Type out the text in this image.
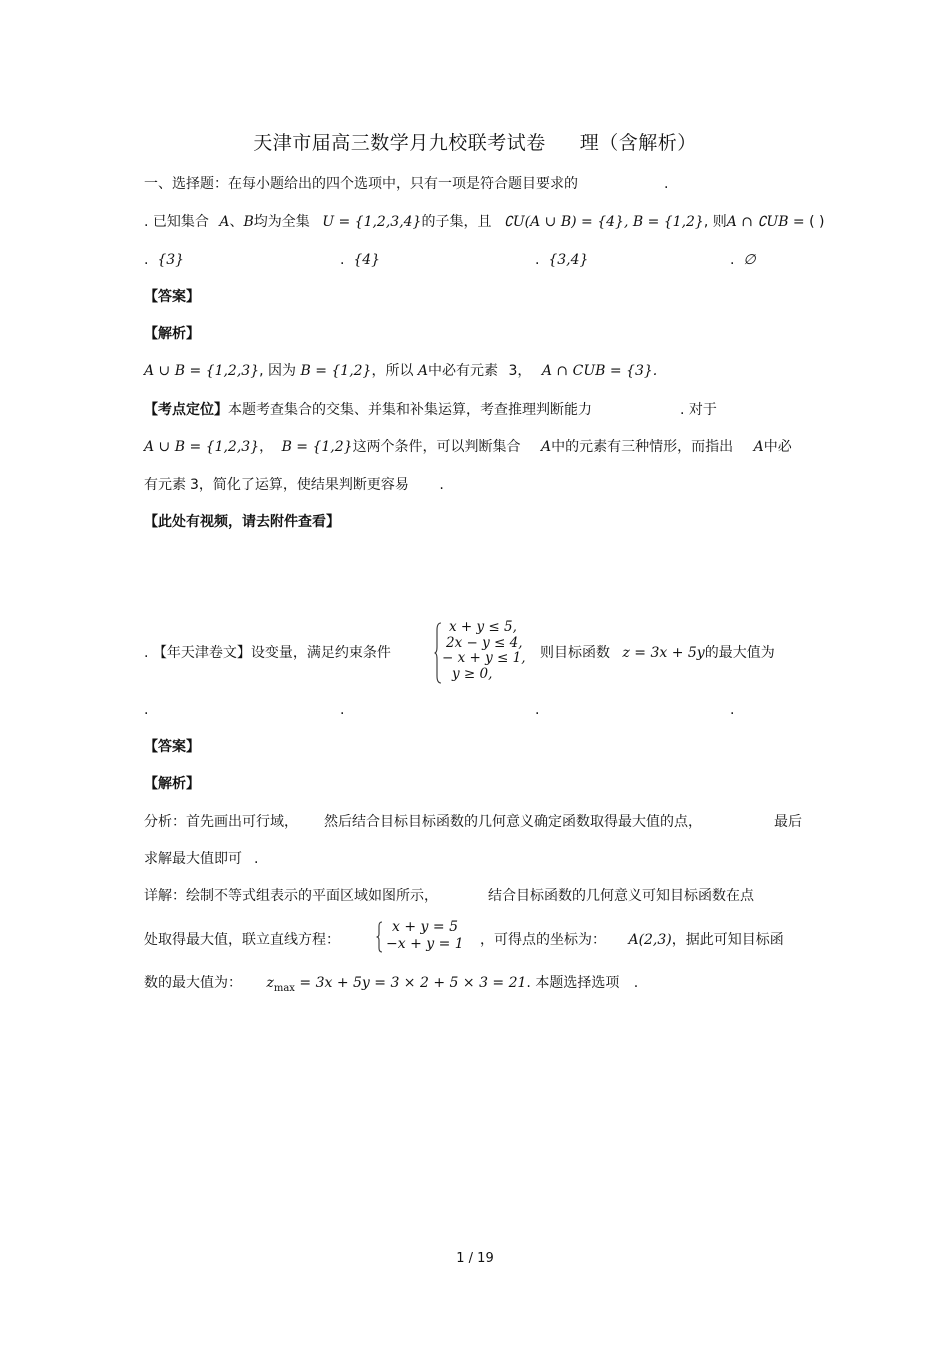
天津市届高三数学月九校联考试卷 理（含解析）
一、选择题：在每小题给出的四个选项中，只有一项是符合题目要求的	.
. 已知集合 A、B均为全集 U = {1,2,3,4}的子集，且 ∁U(A ∪ B) = {4}, B = {1,2}, 则A ∩ ∁UB = ( )
. {3}	. {4}	. {3,4}	. ∅
【答案】
【解析】
A ∪ B = {1,2,3}, 因为 B = {1,2}，所以 A中必有元素 3， A ∩ CUB = {3}.
【考点定位】本题考查集合的交集、并集和补集运算，考查推理判断能力	. 对于
A ∪ B = {1,2,3}， B = {1,2}这两个条件，可以判断集合 A中的元素有三种情形，而指出 A中必
有元素 3，简化了运算，使结果判断更容易 .
【此处有视频，请去附件查看】
. 【年天津卷文】设变量，满足约束条件
x + y ≤ 5,
2x − y ≤ 4,
− x + y ≤ 1,
y ≥ 0,
则目标函数 z = 3x + 5y的最大值为
.	.	.	.
【答案】
【解析】
分析：首先画出可行域， 然后结合目标目标函数的几何意义确定函数取得最大值的点，	最后
求解最大值即可 .
详解：绘制不等式组表示的平面区域如图所示，	结合目标函数的几何意义可知目标函数在点
处取得最大值，联立直线方程：
x + y = 5
−x + y = 1 ，可得点的坐标为： A(2,3)，据此可知目标函
数的最大值为： $z_{max} = 3x + 5y = 3 \times 2 + 5 \times 3 = 21$. 本题选择选项 .
1 / 19
